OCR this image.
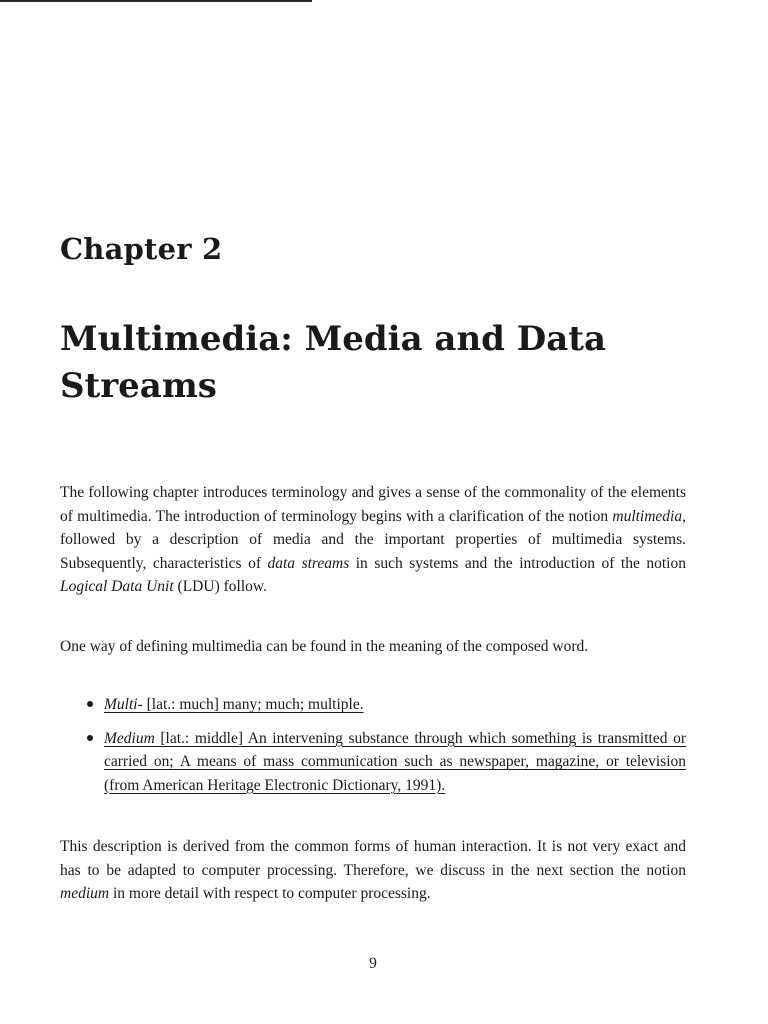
Chapter 2
Multimedia: Media and Data Streams

The following chapter introduces terminology and gives a sense of the commonality of the elements of multimedia. The introduction of terminology begins with a clarification of the notion multimedia, followed by a description of media and the important properties of multimedia systems. Subsequently, characteristics of data streams in such systems and the introduction of the notion Logical Data Unit (LDU) follow.

One way of defining multimedia can be found in the meaning of the composed word.

Multi- [lat.: much] many; much; multiple.
Medium [lat.: middle] An intervening substance through which something is transmitted or carried on; A means of mass communication such as newspaper, magazine, or television (from American Heritage Electronic Dictionary, 1991).

This description is derived from the common forms of human interaction. It is not very exact and has to be adapted to computer processing. Therefore, we discuss in the next section the notion medium in more detail with respect to computer processing.

9
